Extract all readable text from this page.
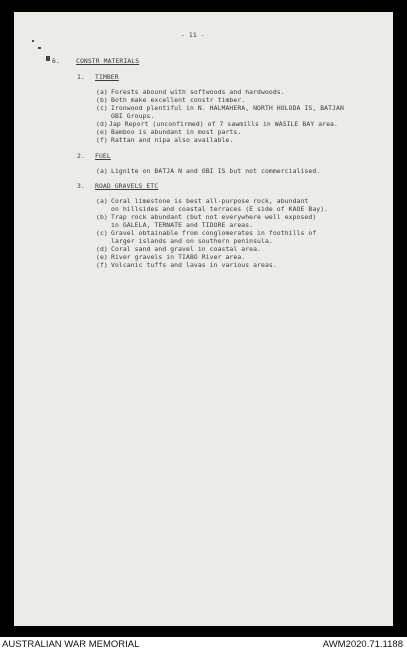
- 11 -
6.	CONSTR MATERIALS
1. TIMBER
(a) Forests abound with softwoods and hardwoods.
(b) Both make excellent constr timber.
(c) Ironwood plentiful in N. HALMAHERA, NORTH HOLODA IS, BATJAN
OBI Groups.
(d) Jap Report (unconfirmed) of 7 sawmills in WASILE BAY area.
(e) Bamboo is abundant in most parts.
(f) Rattan and nipa also available.
2. FUEL
(a) Lignite on BATJA N and OBI IS but not commercialised.
3. ROAD GRAVELS ETC
(a) Coral limestone is best all-purpose rock, abundant
on hillsides and coastal terraces (E side of KAOE Bay).
(b) Trap rock abundant (but not everywhere well exposed)
in GALELA, TERNATE and TIDORE areas.
(c) Gravel obtainable from conglomerates in foothills of
larger islands and on southern peninsula.
(d) Coral sand and gravel in coastal area.
(e) River gravels in TIABO River area.
(f) Volcanic tuffs and lavas in various areas.
AUSTRALIAN WAR MEMORIAL	AWM2020.71.1188
